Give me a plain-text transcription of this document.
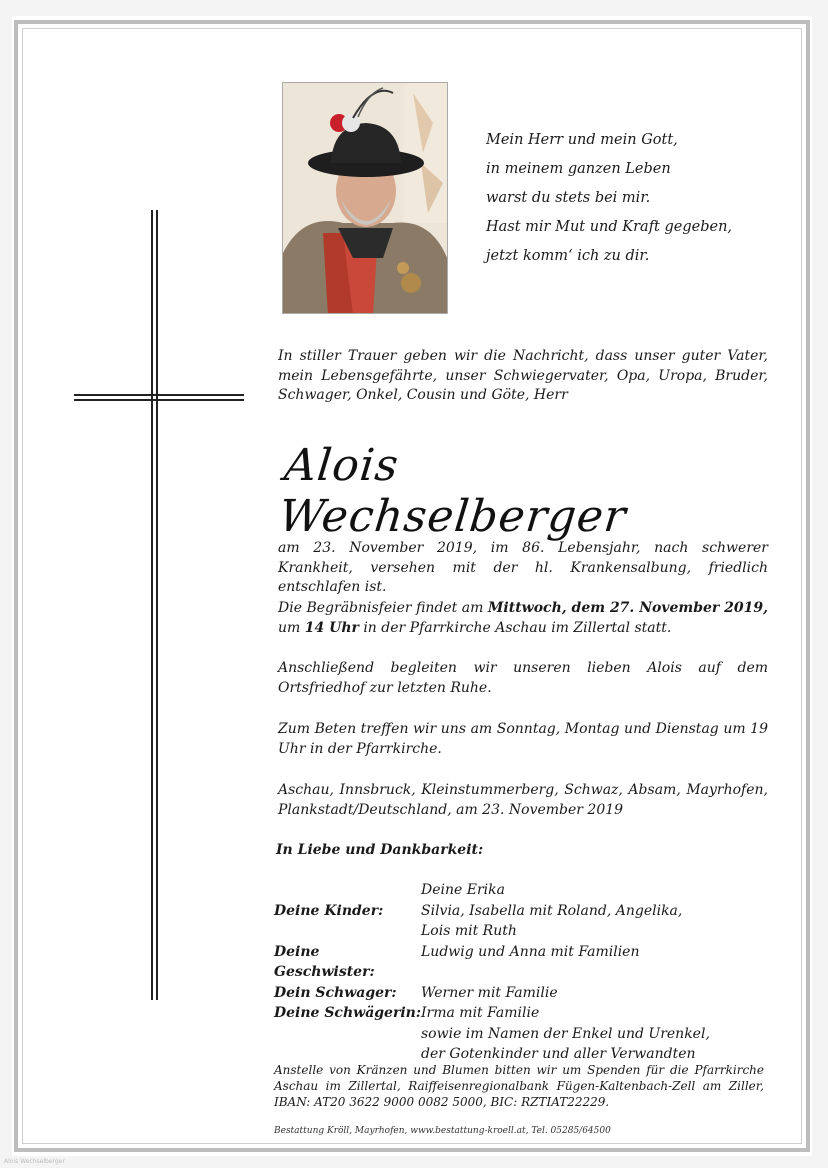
Mein Herr und mein Gott,
in meinem ganzen Leben
warst du stets bei mir.
Hast mir Mut und Kraft gegeben,
jetzt komm‘ ich zu dir.
In stiller Trauer geben wir die Nachricht, dass unser guter Vater, mein Lebensgefährte, unser Schwiegervater, Opa, Uropa, Bruder, Schwager, Onkel, Cousin und Göte, Herr
Alois Wechselberger
am 23. November 2019, im 86. Lebensjahr, nach schwerer Krankheit, versehen mit der hl. Krankensalbung, friedlich entschlafen ist.
Die Begräbnisfeier findet am Mittwoch, dem 27. November 2019, um 14 Uhr in der Pfarrkirche Aschau im Zillertal statt.
Anschließend begleiten wir unseren lieben Alois auf dem Ortsfriedhof zur letzten Ruhe.
Zum Beten treffen wir uns am Sonntag, Montag und Dienstag um 19 Uhr in der Pfarrkirche.
Aschau, Innsbruck, Kleinstummerberg, Schwaz, Absam, Mayrhofen, Plankstadt/Deutschland, am 23. November 2019
In Liebe und Dankbarkeit:
Deine Erika
Deine Kinder:	Silvia, Isabella mit Roland, Angelika,
Lois mit Ruth
Deine Geschwister:
Ludwig und Anna mit Familien
Dein Schwager:	Werner mit Familie
Deine Schwägerin: Irma mit Familie
sowie im Namen der Enkel und Urenkel,
der Gotenkinder und aller Verwandten
Anstelle von Kränzen und Blumen bitten wir um Spenden für die Pfarrkirche Aschau im Zillertal, Raiffeisenregionalbank Fügen-Kaltenbach-Zell am Ziller, IBAN: AT20 3622 9000 0082 5000, BIC: RZTIAT22229.
Bestattung Kröll, Mayrhofen, www.bestattung-kroell.at, Tel. 05285/64500
Alois Wechselberger
